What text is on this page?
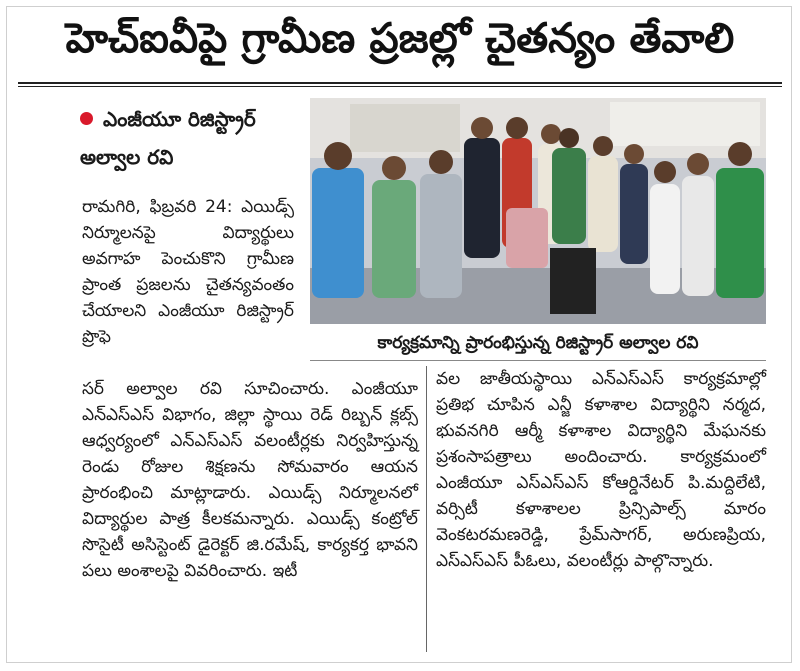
హెచ్ఐవీపై గ్రామీణ ప్రజల్లో చైతన్యం తేవాలి
ఎంజీయూ రిజిస్ట్రార్
అల్వాల రవి

రామగిరి, ఫిబ్రవరి 24: ఎయిడ్స్ నిర్మూలనపై విద్యార్థులు అవగాహ పెంచుకొని గ్రామీణ ప్రాంత ప్రజలను చైతన్యవంతం చేయాలని ఎంజీయూ రిజిస్ట్రార్ ప్రొఫె

సర్ అల్వాల రవి సూచించారు. ఎంజీయూ ఎన్ఎస్ఎస్ విభాగం, జిల్లా స్థాయి రెడ్ రిబ్బన్ క్లబ్స్ ఆధ్వర్యంలో ఎన్ఎస్ఎస్ వలంటీర్లకు నిర్వహిస్తున్న రెండు రోజుల శిక్షణను సోమవారం ఆయన ప్రారంభించి మాట్లాడారు. ఎయిడ్స్ నిర్మూలనలో విద్యార్థుల పాత్ర కీలకమన్నారు. ఎయిడ్స్ కంట్రోల్ సొసైటీ అసిస్టెంట్ డైరెక్టర్ జి.రమేష్, కార్యకర్త భావని పలు అంశాలపై వివరించారు. ఇటీ

వల జాతీయస్థాయి ఎన్ఎస్ఎస్ కార్యక్రమాల్లో ప్రతిభ చూపిన ఎన్జీ కళాశాల విద్యార్థిని నర్మద, భువనగిరి ఆర్మీ కళాశాల విద్యార్థిని మేఘనకు ప్రశంసాపత్రాలు అందించారు. కార్యక్రమంలో ఎంజీయూ ఎస్ఎస్ఎస్ కోఆర్డినేటర్ పి.మద్దిలేటి, వర్సిటీ కళాశాలల ప్రిన్సిపాల్స్ మారం వెంకటరమణరెడ్డి, ప్రేమ్‌సాగర్, అరుణప్రియ, ఎస్ఎస్ఎస్ పీఓలు, వలంటీర్లు పాల్గొన్నారు.

కార్యక్రమాన్ని ప్రారంభిస్తున్న రిజిస్ట్రార్ అల్వాల రవి
